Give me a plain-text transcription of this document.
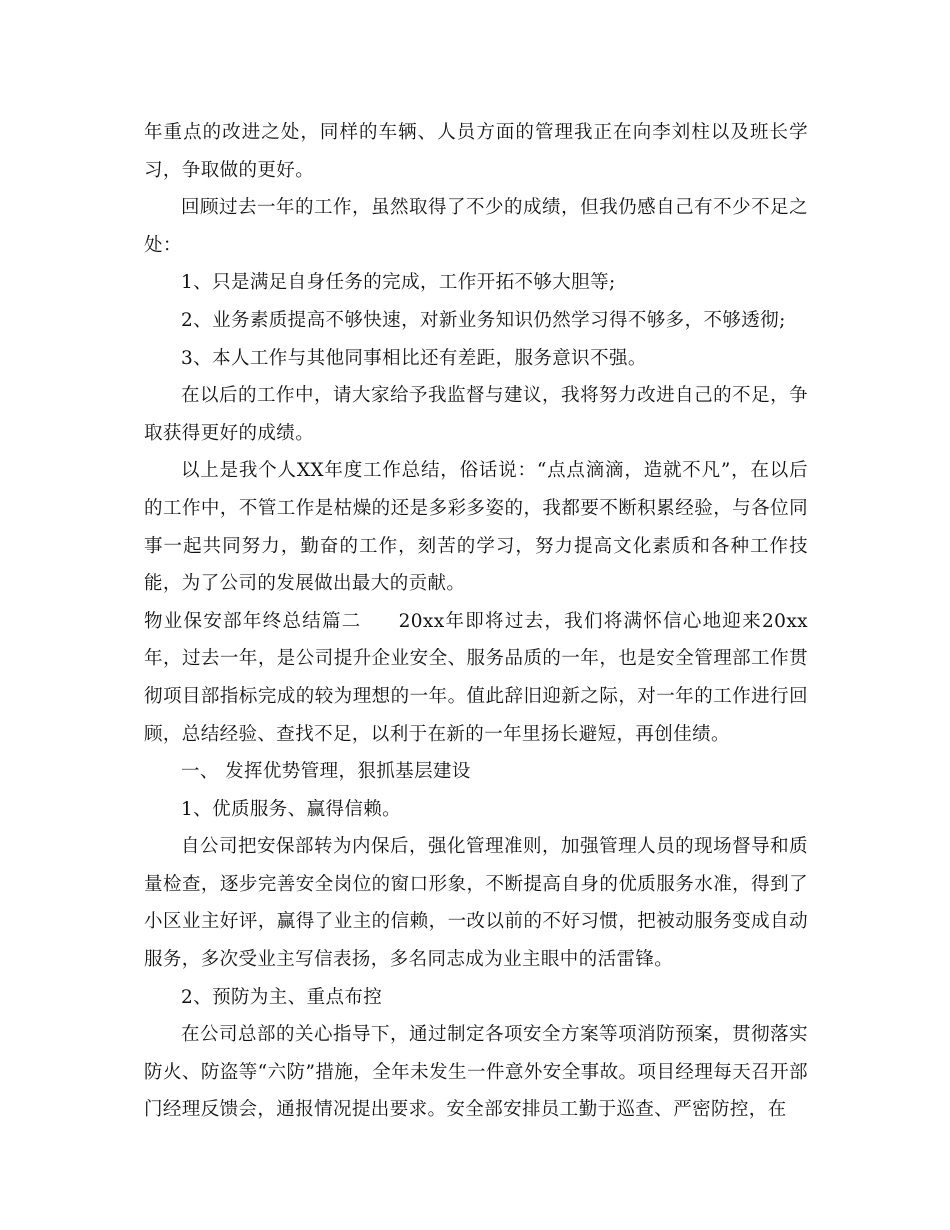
年重点的改进之处，同样的车辆、人员方面的管理我正在向李刘柱以及班长学习，争取做的更好。

回顾过去一年的工作，虽然取得了不少的成绩，但我仍感自己有不少不足之处：

1、只是满足自身任务的完成，工作开拓不够大胆等;

2、业务素质提高不够快速，对新业务知识仍然学习得不够多，不够透彻;

3、本人工作与其他同事相比还有差距，服务意识不强。

在以后的工作中，请大家给予我监督与建议，我将努力改进自己的不足，争取获得更好的成绩。

以上是我个人XX年度工作总结，俗话说：“点点滴滴，造就不凡”，在以后的工作中，不管工作是枯燥的还是多彩多姿的，我都要不断积累经验，与各位同事一起共同努力，勤奋的工作，刻苦的学习，努力提高文化素质和各种工作技能，为了公司的发展做出最大的贡献。

物业保安部年终总结篇二 20xx年即将过去，我们将满怀信心地迎来20xx年，过去一年，是公司提升企业安全、服务品质的一年，也是安全管理部工作贯彻项目部指标完成的较为理想的一年。值此辞旧迎新之际，对一年的工作进行回顾，总结经验、查找不足，以利于在新的一年里扬长避短，再创佳绩。

一、 发挥优势管理，狠抓基层建设

1、优质服务、赢得信赖。

自公司把安保部转为内保后，强化管理准则，加强管理人员的现场督导和质量检查，逐步完善安全岗位的窗口形象，不断提高自身的优质服务水准，得到了小区业主好评，赢得了业主的信赖，一改以前的不好习惯，把被动服务变成自动服务，多次受业主写信表扬，多名同志成为业主眼中的活雷锋。

2、预防为主、重点布控

在公司总部的关心指导下，通过制定各项安全方案等项消防预案，贯彻落实防火、防盗等“六防”措施，全年未发生一件意外安全事故。项目经理每天召开部门经理反馈会，通报情况提出要求。安全部安排员工勤于巡查、严密防控，在
